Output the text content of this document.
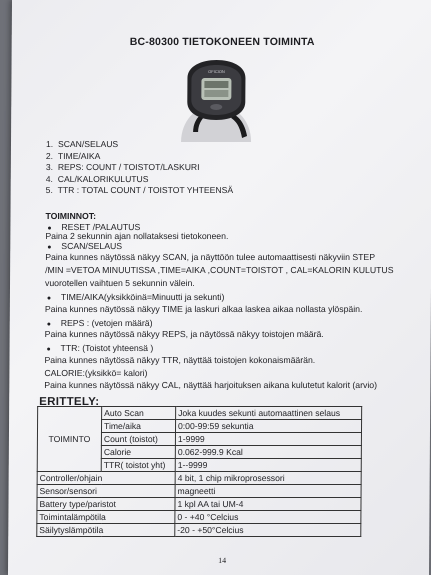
BC-80300 TIETOKONEEN TOIMINTA
OFICION
1. SCAN/SELAUS
2. TIME/AIKA
3. REPS: COUNT / TOISTOT/LASKURI
4. CAL/KALORIKULUTUS
5. TTR : TOTAL COUNT / TOISTOT YHTEENSÄ
TOIMINNOT:
● RESET /PALAUTUS
Paina 2 sekunnin ajan nollataksesi tietokoneen.
● SCAN/SELAUS
Paina kunnes näytössä näkyy SCAN, ja näyttöön tulee automaattisesti näkyviin STEP
/MIN =VETOA MINUUTISSA ,TIME=AIKA ,COUNT=TOISTOT , CAL=KALORIN KULUTUS
vuorotellen vaihtuen 5 sekunnin välein.
● TIME/AIKA(yksikköinä=Minuutti ja sekunti)
Paina kunnes näytössä näkyy TIME ja laskuri alkaa laskea aikaa nollasta ylöspäin.
● REPS : (vetojen määrä)
Paina kunnes näytössä näkyy REPS, ja näytössä näkyy toistojen määrä.
● TTR: (Toistot yhteensä )
Paina kunnes näytössä näkyy TTR, näyttää toistojen kokonaismäärän.
CALORIE:(yksikkö= kalori)
Paina kunnes näytössä näkyy CAL, näyttää harjoituksen aikana kulutetut kalorit (arvio)
ERITTELY:
TOIMINTO	Auto Scan	Joka kuudes sekunti automaattinen selaus
	Time/aika	0:00-99:59 sekuntia
	Count (toistot)	1-9999
	Calorie	0.062-999.9 Kcal
	TTR( toistot yht)	1--9999
Controller/ohjain		4 bit, 1 chip mikroprosessori
Sensor/sensori		magneetti
Battery type/paristot		1 kpl AA tai UM-4
Toimintalämpötila		0 - +40 °Celcius
Säilytyslämpötila		-20 - +50°Celcius
14
